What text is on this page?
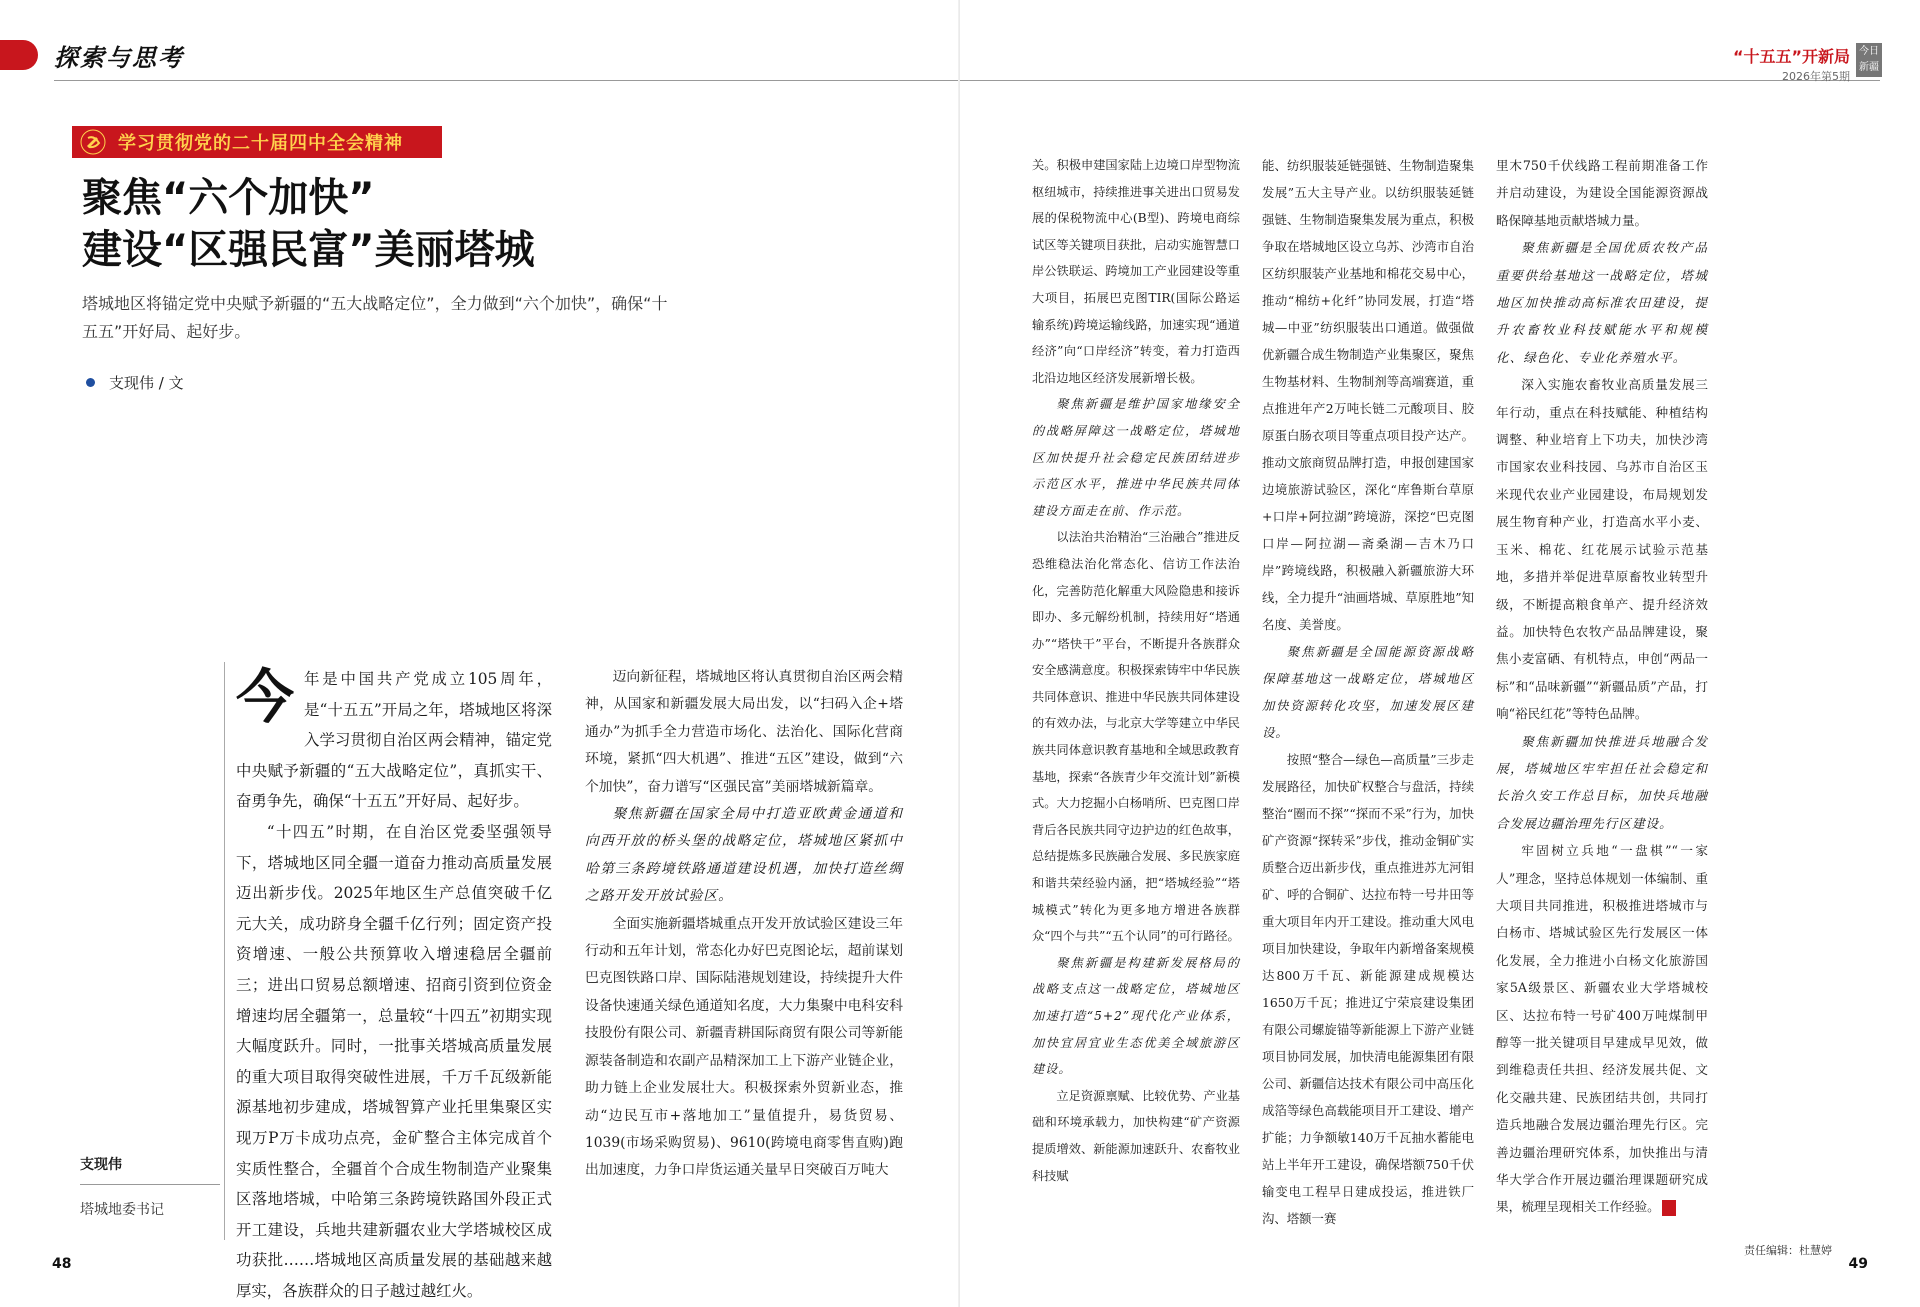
探索与思考
学习贯彻党的二十届四中全会精神
聚焦“六个加快”
建设“区强民富”美丽塔城
塔城地区将锚定党中央赋予新疆的“五大战略定位”，全力做到“六个加快”，确保“十五五”开好局、起好步。
支现伟 / 文

今年是中国共产党成立105周年，是“十五五”开局之年，塔城地区将深入学习贯彻自治区两会精神，锚定党中央赋予新疆的“五大战略定位”，真抓实干、奋勇争先，确保“十五五”开好局、起好步。

“十四五”时期，在自治区党委坚强领导下，塔城地区同全疆一道奋力推动高质量发展迈出新步伐。2025年地区生产总值突破千亿元大关，成功跻身全疆千亿行列；固定资产投资增速、一般公共预算收入增速稳居全疆前三；进出口贸易总额增速、招商引资到位资金增速均居全疆第一，总量较“十四五”初期实现大幅度跃升。同时，一批事关塔城高质量发展的重大项目取得突破性进展，千万千瓦级新能源基地初步建成，塔城智算产业托里集聚区实现万P万卡成功点亮，金矿整合主体完成首个实质性整合，全疆首个合成生物制造产业聚集区落地塔城，中哈第三条跨境铁路国外段正式开工建设，兵地共建新疆农业大学塔城校区成功获批……塔城地区高质量发展的基础越来越厚实，各族群众的日子越过越红火。

迈向新征程，塔城地区将认真贯彻自治区两会精神，从国家和新疆发展大局出发，以“扫码入企+塔通办”为抓手全力营造市场化、法治化、国际化营商环境，紧抓“四大机遇”、推进“五区”建设，做到“六个加快”，奋力谱写“区强民富”美丽塔城新篇章。

聚焦新疆在国家全局中打造亚欧黄金通道和向西开放的桥头堡的战略定位，塔城地区紧抓中哈第三条跨境铁路通道建设机遇，加快打造丝绸之路开发开放试验区。

全面实施新疆塔城重点开发开放试验区建设三年行动和五年计划，常态化办好巴克图论坛，超前谋划巴克图铁路口岸、国际陆港规划建设，持续提升大件设备快速通关绿色通道知名度，大力集聚中电科安科技股份有限公司、新疆青耕国际商贸有限公司等新能源装备制造和农副产品精深加工上下游产业链企业，助力链上企业发展壮大。积极探索外贸新业态，推动“边民互市+落地加工”量值提升，易货贸易、1039(市场采购贸易)、9610(跨境电商零售直购)跑出加速度，力争口岸货运通关量早日突破百万吨大

支现伟
塔城地委书记
48
“十五五”开新局
2026年第5期
今日
新疆

关。积极申建国家陆上边境口岸型物流枢纽城市，持续推进事关进出口贸易发展的保税物流中心(B型)、跨境电商综试区等关键项目获批，启动实施智慧口岸公铁联运、跨境加工产业园建设等重大项目，拓展巴克图TIR(国际公路运输系统)跨境运输线路，加速实现“通道经济”向“口岸经济”转变，着力打造西北沿边地区经济发展新增长极。

聚焦新疆是维护国家地缘安全的战略屏障这一战略定位，塔城地区加快提升社会稳定民族团结进步示范区水平，推进中华民族共同体建设方面走在前、作示范。

以法治共治精治“三治融合”推进反恐维稳法治化常态化、信访工作法治化，完善防范化解重大风险隐患和接诉即办、多元解纷机制，持续用好“塔通办”“塔快干”平台，不断提升各族群众安全感满意度。积极探索铸牢中华民族共同体意识、推进中华民族共同体建设的有效办法，与北京大学等建立中华民族共同体意识教育基地和全域思政教育基地，探索“各族青少年交流计划”新模式。大力挖掘小白杨哨所、巴克图口岸背后各民族共同守边护边的红色故事，总结提炼多民族融合发展、多民族家庭和谐共荣经验内涵，把“塔城经验”“塔城模式”转化为更多地方增进各族群众“四个与共”“五个认同”的可行路径。

聚焦新疆是构建新发展格局的战略支点这一战略定位，塔城地区加速打造“5+2”现代化产业体系，加快宜居宜业生态优美全域旅游区建设。

立足资源禀赋、比较优势、产业基础和环境承载力，加快构建“矿产资源提质增效、新能源加速跃升、农畜牧业科技赋

能、纺织服装延链强链、生物制造聚集发展”五大主导产业。以纺织服装延链强链、生物制造聚集发展为重点，积极争取在塔城地区设立乌苏、沙湾市自治区纺织服装产业基地和棉花交易中心，推动“棉纺+化纤”协同发展，打造“塔城—中亚”纺织服装出口通道。做强做优新疆合成生物制造产业集聚区，聚焦生物基材料、生物制剂等高端赛道，重点推进年产2万吨长链二元酸项目、胶原蛋白肠衣项目等重点项目投产达产。推动文旅商贸品牌打造，申报创建国家边境旅游试验区，深化“库鲁斯台草原+口岸+阿拉湖”跨境游，深挖“巴克图口岸—阿拉湖—斋桑湖—吉木乃口岸”跨境线路，积极融入新疆旅游大环线，全力提升“油画塔城、草原胜地”知名度、美誉度。

聚焦新疆是全国能源资源战略保障基地这一战略定位，塔城地区加快资源转化攻坚，加速发展区建设。

按照“整合—绿色—高质量”三步走发展路径，加快矿权整合与盘活，持续整治“圈而不探”“探而不采”行为，加快矿产资源“探转采”步伐，推动金铜矿实质整合迈出新步伐，重点推进苏尢河钼矿、呼的合铜矿、达拉布特一号井田等重大项目年内开工建设。推动重大风电项目加快建设，争取年内新增备案规模达800万千瓦、新能源建成规模达1650万千瓦；推进辽宁荣宸建设集团有限公司螺旋锚等新能源上下游产业链项目协同发展，加快清电能源集团有限公司、新疆信达技术有限公司中高压化成箔等绿色高载能项目开工建设、增产扩能；力争额敏140万千瓦抽水蓄能电站上半年开工建设，确保塔额750千伏输变电工程早日建成投运，推进铁厂沟、塔额一赛

里木750千伏线路工程前期准备工作并启动建设，为建设全国能源资源战略保障基地贡献塔城力量。

聚焦新疆是全国优质农牧产品重要供给基地这一战略定位，塔城地区加快推动高标准农田建设，提升农畜牧业科技赋能水平和规模化、绿色化、专业化养殖水平。

深入实施农畜牧业高质量发展三年行动，重点在科技赋能、种植结构调整、种业培育上下功夫，加快沙湾市国家农业科技园、乌苏市自治区玉米现代农业产业园建设，布局规划发展生物育种产业，打造高水平小麦、玉米、棉花、红花展示试验示范基地，多措并举促进草原畜牧业转型升级，不断提高粮食单产、提升经济效益。加快特色农牧产品品牌建设，聚焦小麦富硒、有机特点，申创“两品一标”和“品味新疆”“新疆品质”产品，打响“裕民红花”等特色品牌。

聚焦新疆加快推进兵地融合发展，塔城地区牢牢担任社会稳定和长治久安工作总目标，加快兵地融合发展边疆治理先行区建设。

牢固树立兵地“一盘棋”“一家人”理念，坚持总体规划一体编制、重大项目共同推进，积极推进塔城市与白杨市、塔城试验区先行发展区一体化发展，全力推进小白杨文化旅游国家5A级景区、新疆农业大学塔城校区、达拉布特一号矿400万吨煤制甲醇等一批关键项目早建成早见效，做到维稳责任共担、经济发展共促、文化交融共建、民族团结共创，共同打造兵地融合发展边疆治理先行区。完善边疆治理研究体系，加快推出与清华大学合作开展边疆治理课题研究成果，梳理呈现相关工作经验。

责任编辑：杜慧婷
49
